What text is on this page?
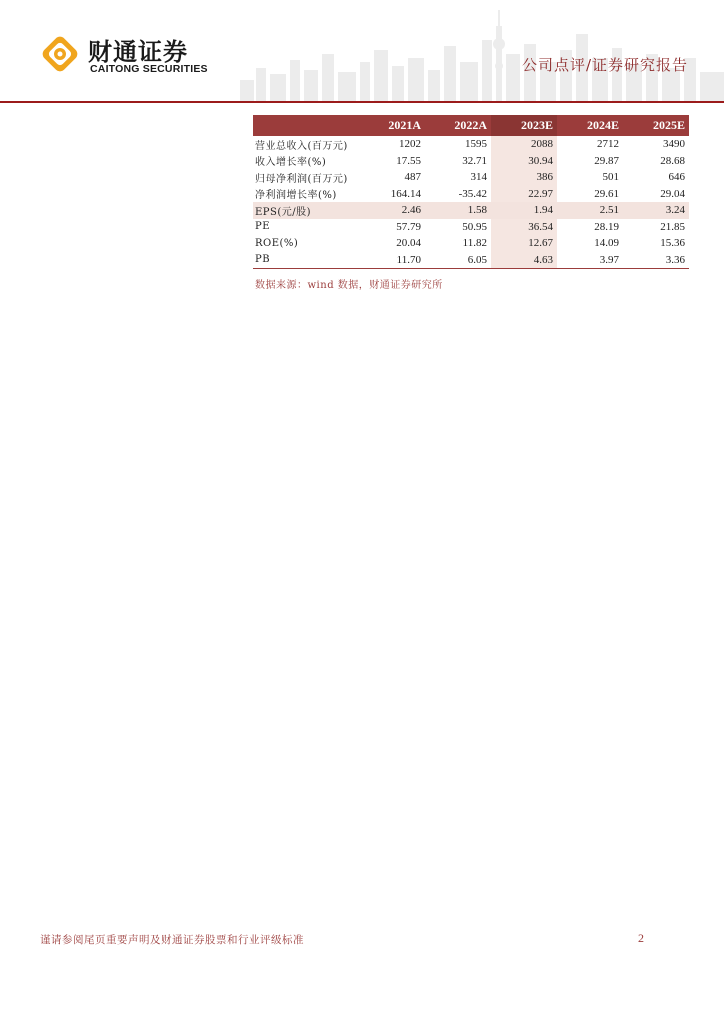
财通证券
CAITONG SECURITIES	公司点评/证券研究报告
	2021A	2022A	2023E	2024E	2025E
营业总收入(百万元)	1202	1595	2088	2712	3490
收入增长率(%)	17.55	32.71	30.94	29.87	28.68
归母净利润(百万元)	487	314	386	501	646
净利润增长率(%)	164.14	-35.42	22.97	29.61	29.04
EPS(元/股)	2.46	1.58	1.94	2.51	3.24
PE	57.79	50.95	36.54	28.19	21.85
ROE(%)	20.04	11.82	12.67	14.09	15.36
PB	11.70	6.05	4.63	3.97	3.36
数据来源：wind 数据，财通证券研究所
谨请参阅尾页重要声明及财通证券股票和行业评级标准	2
